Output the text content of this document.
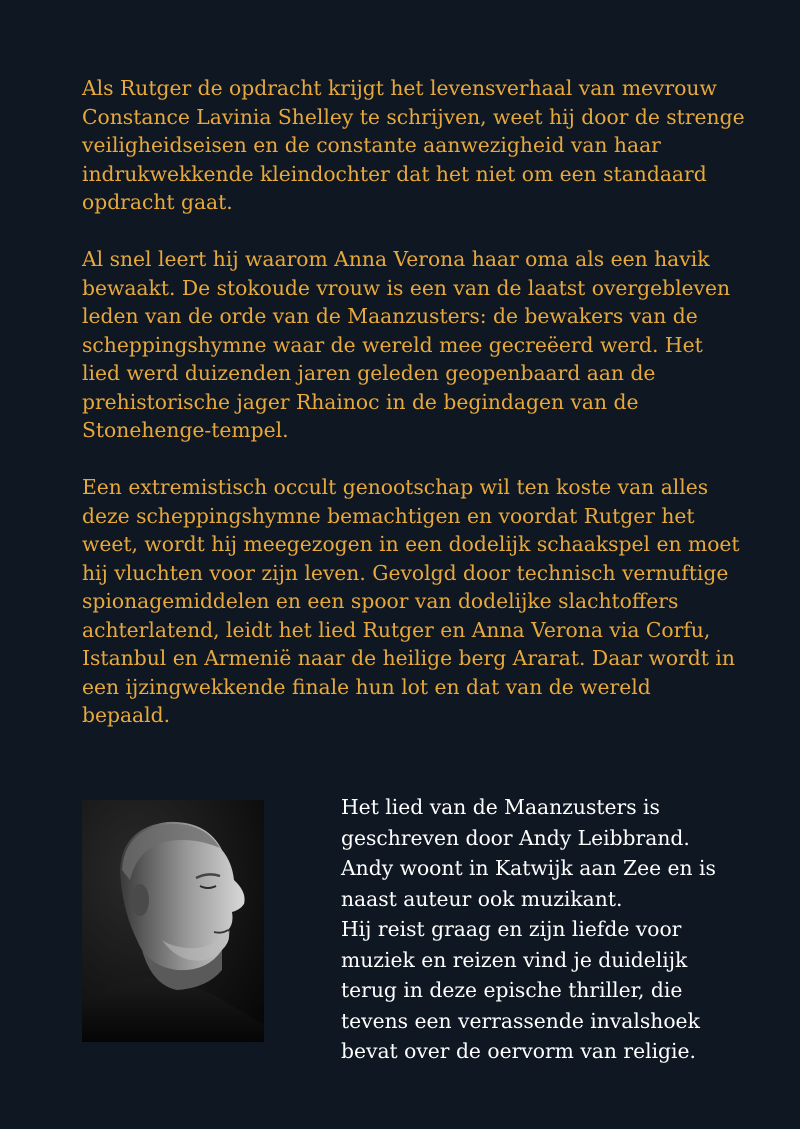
Als Rutger de opdracht krijgt het levensverhaal van mevrouw
Constance Lavinia Shelley te schrijven, weet hij door de strenge
veiligheidseisen en de constante aanwezigheid van haar
indrukwekkende kleindochter dat het niet om een standaard
opdracht gaat.

Al snel leert hij waarom Anna Verona haar oma als een havik
bewaakt. De stokoude vrouw is een van de laatst overgebleven
leden van de orde van de Maanzusters: de bewakers van de
scheppingshymne waar de wereld mee gecreëerd werd. Het
lied werd duizenden jaren geleden geopenbaard aan de
prehistorische jager Rhainoc in de begindagen van de
Stonehenge-tempel.

Een extremistisch occult genootschap wil ten koste van alles
deze scheppingshymne bemachtigen en voordat Rutger het
weet, wordt hij meegezogen in een dodelijk schaakspel en moet
hij vluchten voor zijn leven. Gevolgd door technisch vernuftige
spionagemiddelen en een spoor van dodelijke slachtoffers
achterlatend, leidt het lied Rutger en Anna Verona via Corfu,
Istanbul en Armenië naar de heilige berg Ararat. Daar wordt in
een ijzingwekkende finale hun lot en dat van de wereld
bepaald.

Het lied van de Maanzusters is
geschreven door Andy Leibbrand.
Andy woont in Katwijk aan Zee en is
naast auteur ook muzikant.
Hij reist graag en zijn liefde voor
muziek en reizen vind je duidelijk
terug in deze epische thriller, die
tevens een verrassende invalshoek
bevat over de oervorm van religie.
